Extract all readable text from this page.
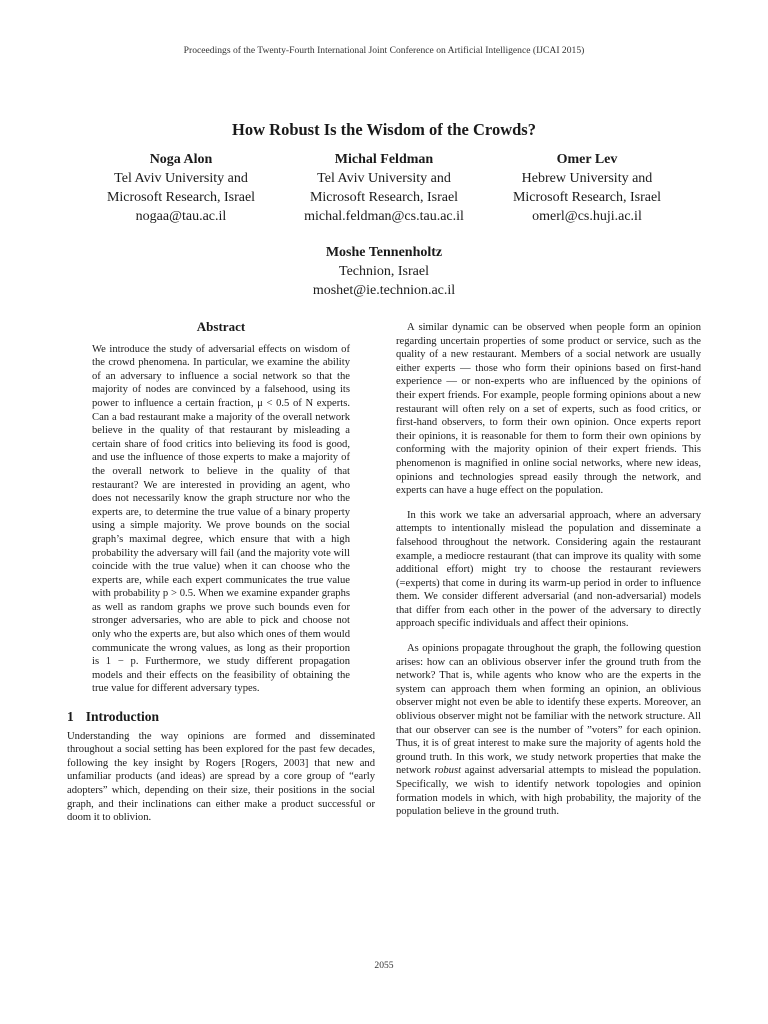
Proceedings of the Twenty-Fourth International Joint Conference on Artificial Intelligence (IJCAI 2015)
How Robust Is the Wisdom of the Crowds?
Noga Alon
Tel Aviv University and
Microsoft Research, Israel
nogaa@tau.ac.il
Michal Feldman
Tel Aviv University and
Microsoft Research, Israel
michal.feldman@cs.tau.ac.il
Omer Lev
Hebrew University and
Microsoft Research, Israel
omerl@cs.huji.ac.il
Moshe Tennenholtz
Technion, Israel
moshet@ie.technion.ac.il
Abstract

We introduce the study of adversarial effects on wisdom of the crowd phenomena. In particular, we examine the ability of an adversary to influence a social network so that the majority of nodes are convinced by a falsehood, using its power to influence a certain fraction, μ < 0.5 of N experts. Can a bad restaurant make a majority of the overall network believe in the quality of that restaurant by misleading a certain share of food critics into believing its food is good, and use the influence of those experts to make a majority of the overall network to believe in the quality of that restaurant? We are interested in providing an agent, who does not necessarily know the graph structure nor who the experts are, to determine the true value of a binary property using a simple majority. We prove bounds on the social graph’s maximal degree, which ensure that with a high probability the adversary will fail (and the majority vote will coincide with the true value) when it can choose who the experts are, while each expert communicates the true value with probability p > 0.5. When we examine expander graphs as well as random graphs we prove such bounds even for stronger adversaries, who are able to pick and choose not only who the experts are, but also which ones of them would communicate the wrong values, as long as their proportion is 1 − p. Furthermore, we study different propagation models and their effects on the feasibility of obtaining the true value for different adversary types.

1 Introduction

Understanding the way opinions are formed and disseminated throughout a social setting has been explored for the past few decades, following the key insight by Rogers [Rogers, 2003] that new and unfamiliar products (and ideas) are spread by a core group of “early adopters” which, depending on their size, their positions in the social graph, and their inclinations can either make a product successful or doom it to oblivion.

A similar dynamic can be observed when people form an opinion regarding uncertain properties of some product or service, such as the quality of a new restaurant. Members of a social network are usually either experts — those who form their opinions based on first-hand experience — or non-experts who are influenced by the opinions of their expert friends. For example, people forming opinions about a new restaurant will often rely on a set of experts, such as food critics, or first-hand observers, to form their own opinion. Once experts report their opinions, it is reasonable for them to form their own opinions by conforming with the majority opinion of their expert friends. This phenomenon is magnified in online social networks, where new ideas, opinions and technologies spread easily through the network, and experts can have a huge effect on the population.

In this work we take an adversarial approach, where an adversary attempts to intentionally mislead the population and disseminate a falsehood throughout the network. Considering again the restaurant example, a mediocre restaurant (that can improve its quality with some additional effort) might try to choose the restaurant reviewers (=experts) that come in during its warm-up period in order to influence them. We consider different adversarial (and non-adversarial) models that differ from each other in the power of the adversary to directly approach specific individuals and affect their opinions.

As opinions propagate throughout the graph, the following question arises: how can an oblivious observer infer the ground truth from the network? That is, while agents who know who are the experts in the system can approach them when forming an opinion, an oblivious observer might not even be able to identify these experts. Moreover, an oblivious observer might not be familiar with the network structure. All that our observer can see is the number of ”voters” for each opinion. Thus, it is of great interest to make sure the majority of agents hold the ground truth. In this work, we study network properties that make the network robust against adversarial attempts to mislead the population. Specifically, we wish to identify network topologies and opinion formation models in which, with high probability, the majority of the population believe in the ground truth.

2055
